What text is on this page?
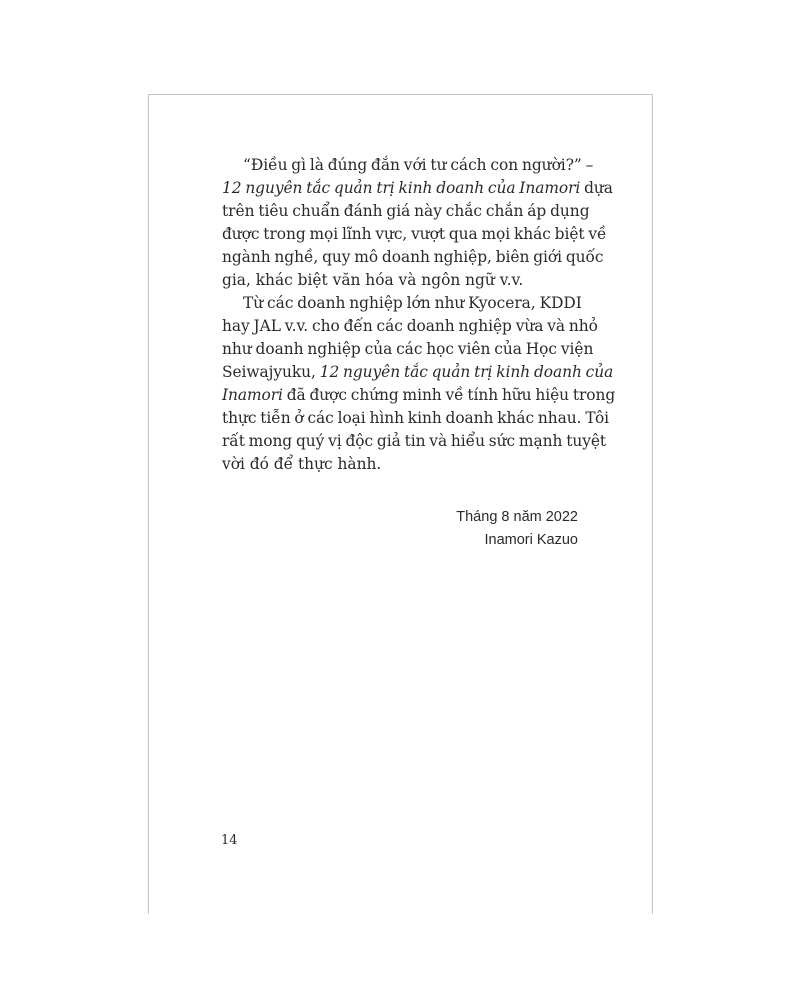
“Điều gì là đúng đắn với tư cách con người?” –
12 nguyên tắc quản trị kinh doanh của Inamori dựa
trên tiêu chuẩn đánh giá này chắc chắn áp dụng
được trong mọi lĩnh vực, vượt qua mọi khác biệt về
ngành nghề, quy mô doanh nghiệp, biên giới quốc
gia, khác biệt văn hóa và ngôn ngữ v.v.

Từ các doanh nghiệp lớn như Kyocera, KDDI
hay JAL v.v. cho đến các doanh nghiệp vừa và nhỏ
như doanh nghiệp của các học viên của Học viện
Seiwajyuku, 12 nguyên tắc quản trị kinh doanh của
Inamori đã được chứng minh về tính hữu hiệu trong
thực tiễn ở các loại hình kinh doanh khác nhau. Tôi
rất mong quý vị độc giả tin và hiểu sức mạnh tuyệt
vời đó để thực hành.

Tháng 8 năm 2022
Inamori Kazuo
14
